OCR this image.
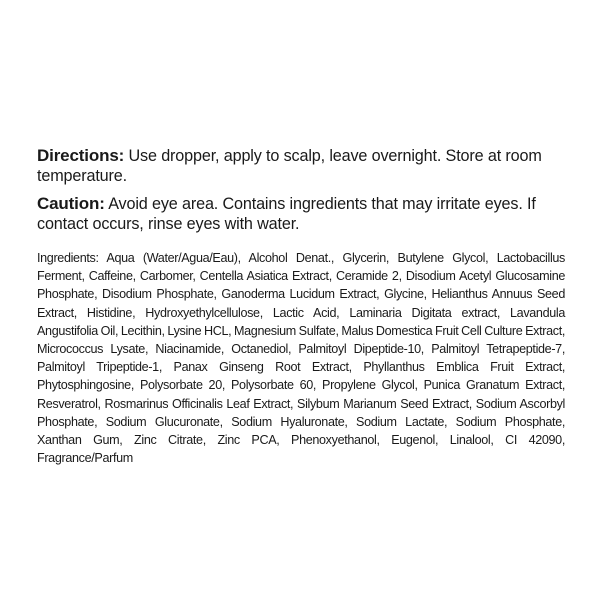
Directions: Use dropper, apply to scalp, leave overnight. Store at room temperature.

Caution: Avoid eye area. Contains ingredients that may irritate eyes. If contact occurs, rinse eyes with water.

Ingredients: Aqua (Water/Agua/Eau), Alcohol Denat., Glycerin, Butylene Glycol, Lactobacillus Ferment, Caffeine, Carbomer, Centella Asiatica Extract, Ceramide 2, Disodium Acetyl Glucosamine Phosphate, Disodium Phosphate, Ganoderma Lucidum Extract, Glycine, Helianthus Annuus Seed Extract, Histidine, Hydroxyethylcellulose, Lactic Acid, Laminaria Digitata extract, Lavandula Angustifolia Oil, Lecithin, Lysine HCL, Magnesium Sulfate, Malus Domestica Fruit Cell Culture Extract, Micrococcus Lysate, Niacinamide, Octanediol, Palmitoyl Dipeptide-10, Palmitoyl Tetrapeptide-7, Palmitoyl Tripeptide-1, Panax Ginseng Root Extract, Phyllanthus Emblica Fruit Extract, Phytosphingosine, Polysorbate 20, Polysorbate 60, Propylene Glycol, Punica Granatum Extract, Resveratrol, Rosmarinus Officinalis Leaf Extract, Silybum Marianum Seed Extract, Sodium Ascorbyl Phosphate, Sodium Glucuronate, Sodium Hyaluronate, Sodium Lactate, Sodium Phosphate, Xanthan Gum, Zinc Citrate, Zinc PCA, Phenoxyethanol, Eugenol, Linalool, CI 42090, Fragrance/Parfum
